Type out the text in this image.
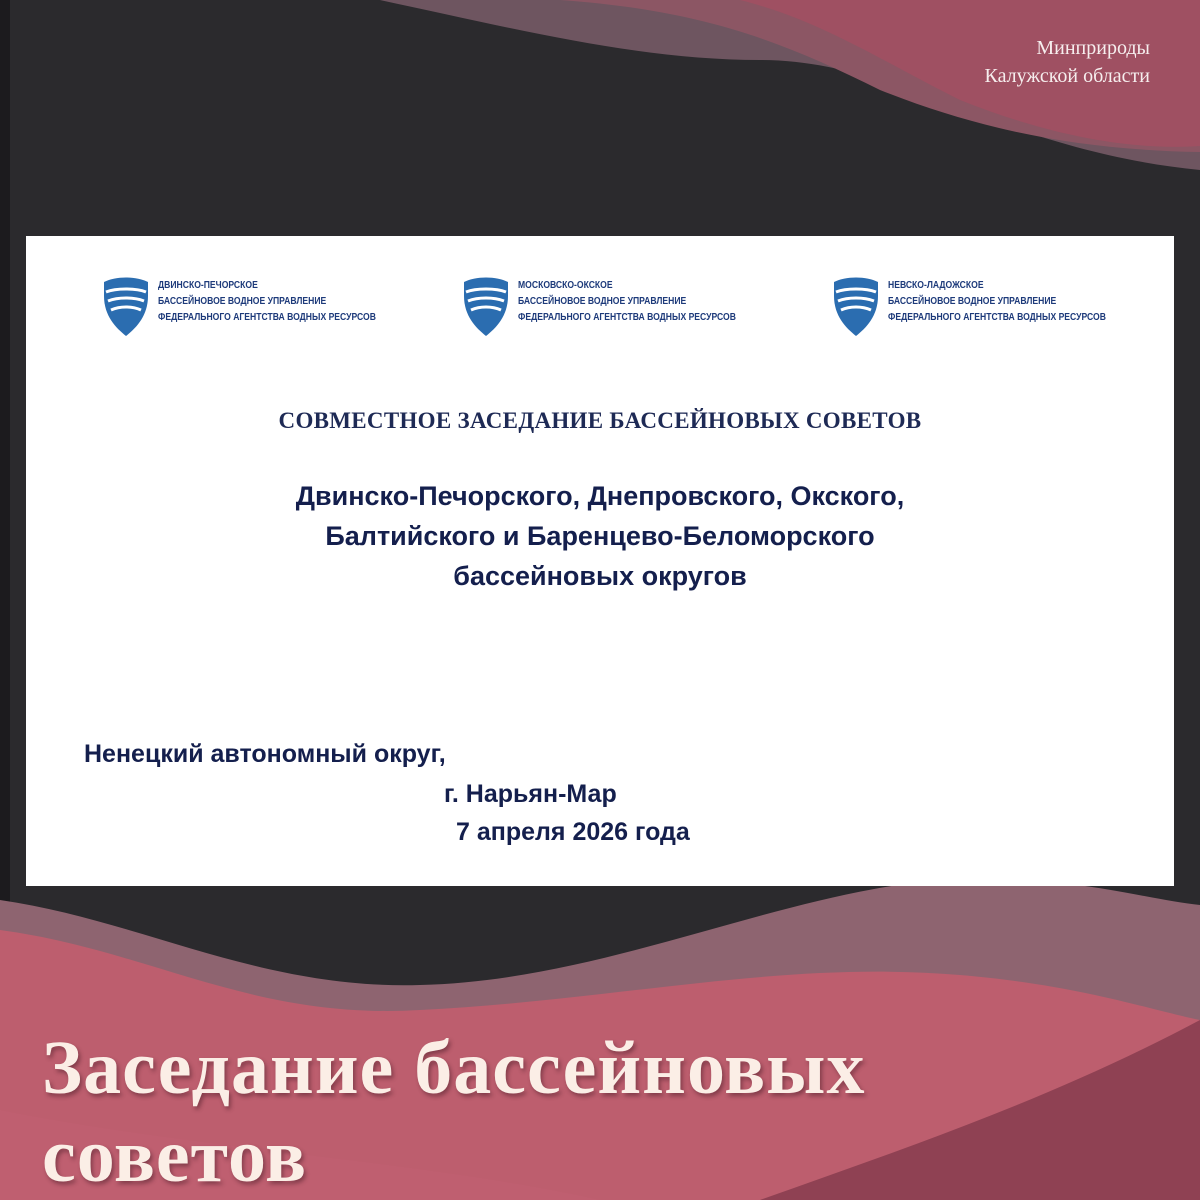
Минприроды
Калужской области
ДВИНСКО-ПЕЧОРСКОЕ
БАССЕЙНОВОЕ ВОДНОЕ УПРАВЛЕНИЕ
ФЕДЕРАЛЬНОГО АГЕНТСТВА ВОДНЫХ РЕСУРСОВ
МОСКОВСКО-ОКСКОЕ
БАССЕЙНОВОЕ ВОДНОЕ УПРАВЛЕНИЕ
ФЕДЕРАЛЬНОГО АГЕНТСТВА ВОДНЫХ РЕСУРСОВ
НЕВСКО-ЛАДОЖСКОЕ
БАССЕЙНОВОЕ ВОДНОЕ УПРАВЛЕНИЕ
ФЕДЕРАЛЬНОГО АГЕНТСТВА ВОДНЫХ РЕСУРСОВ
СОВМЕСТНОЕ ЗАСЕДАНИЕ БАССЕЙНОВЫХ СОВЕТОВ
Двинско-Печорского, Днепровского, Окского,
Балтийского и Баренцево-Беломорского
бассейновых округов
Ненецкий автономный округ,
г. Нарьян-Мар
7 апреля 2026 года
Заседание бассейновых
советов
